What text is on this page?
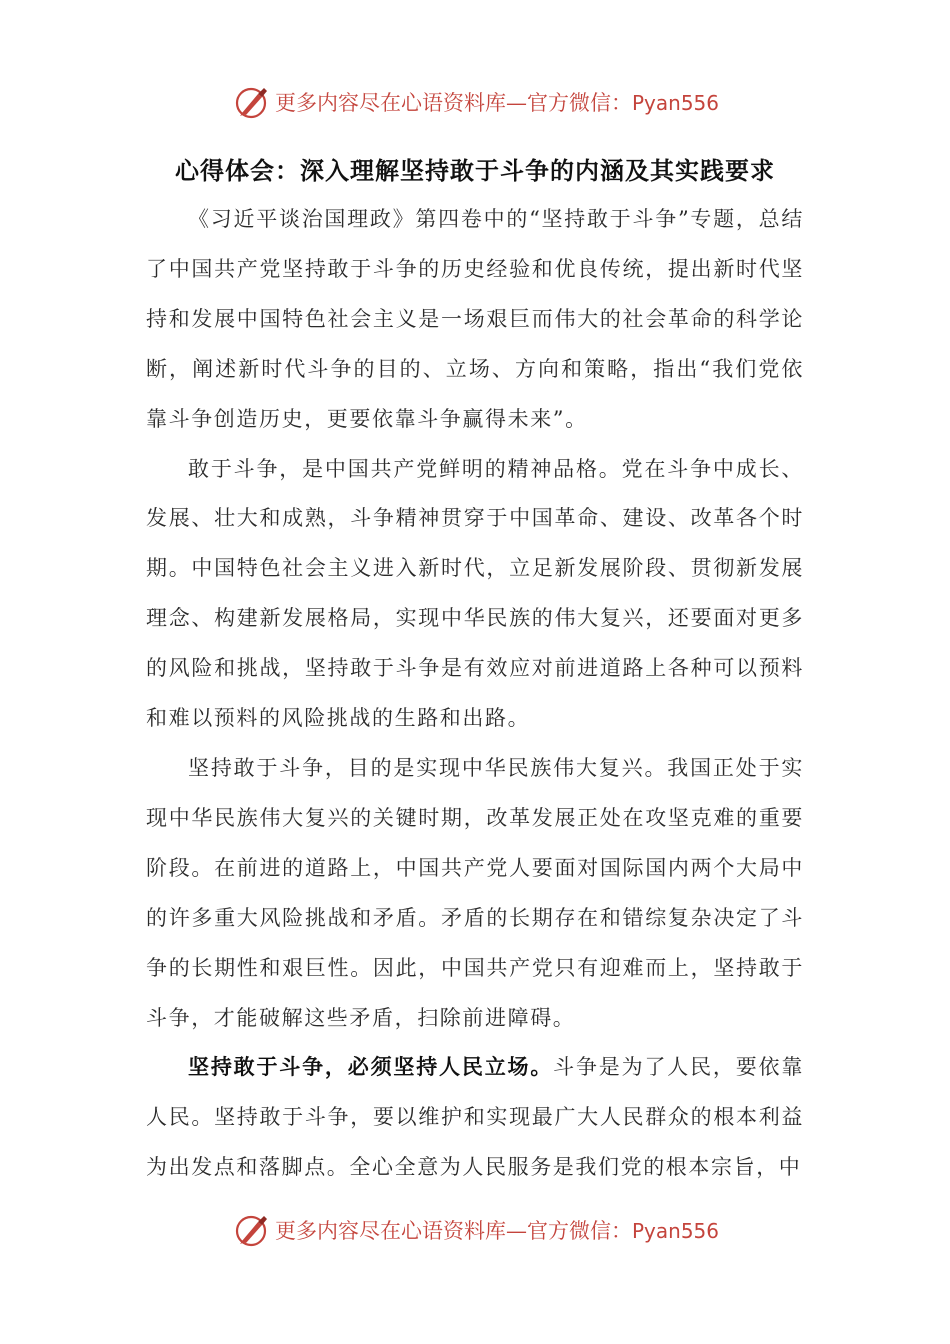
更多内容尽在心语资料库—官方微信：Pyan556
心得体会：深入理解坚持敢于斗争的内涵及其实践要求

《习近平谈治国理政》第四卷中的“坚持敢于斗争”专题，总结了中国共产党坚持敢于斗争的历史经验和优良传统，提出新时代坚持和发展中国特色社会主义是一场艰巨而伟大的社会革命的科学论断，阐述新时代斗争的目的、立场、方向和策略，指出“我们党依靠斗争创造历史，更要依靠斗争赢得未来”。

敢于斗争，是中国共产党鲜明的精神品格。党在斗争中成长、发展、壮大和成熟，斗争精神贯穿于中国革命、建设、改革各个时期。中国特色社会主义进入新时代，立足新发展阶段、贯彻新发展理念、构建新发展格局，实现中华民族的伟大复兴，还要面对更多的风险和挑战，坚持敢于斗争是有效应对前进道路上各种可以预料和难以预料的风险挑战的生路和出路。

坚持敢于斗争，目的是实现中华民族伟大复兴。我国正处于实现中华民族伟大复兴的关键时期，改革发展正处在攻坚克难的重要阶段。在前进的道路上，中国共产党人要面对国际国内两个大局中的许多重大风险挑战和矛盾。矛盾的长期存在和错综复杂决定了斗争的长期性和艰巨性。因此，中国共产党只有迎难而上，坚持敢于斗争，才能破解这些矛盾，扫除前进障碍。

坚持敢于斗争，必须坚持人民立场。斗争是为了人民，要依靠人民。坚持敢于斗争，要以维护和实现最广大人民群众的根本利益为出发点和落脚点。全心全意为人民服务是我们党的根本宗旨，中

更多内容尽在心语资料库—官方微信：Pyan556
